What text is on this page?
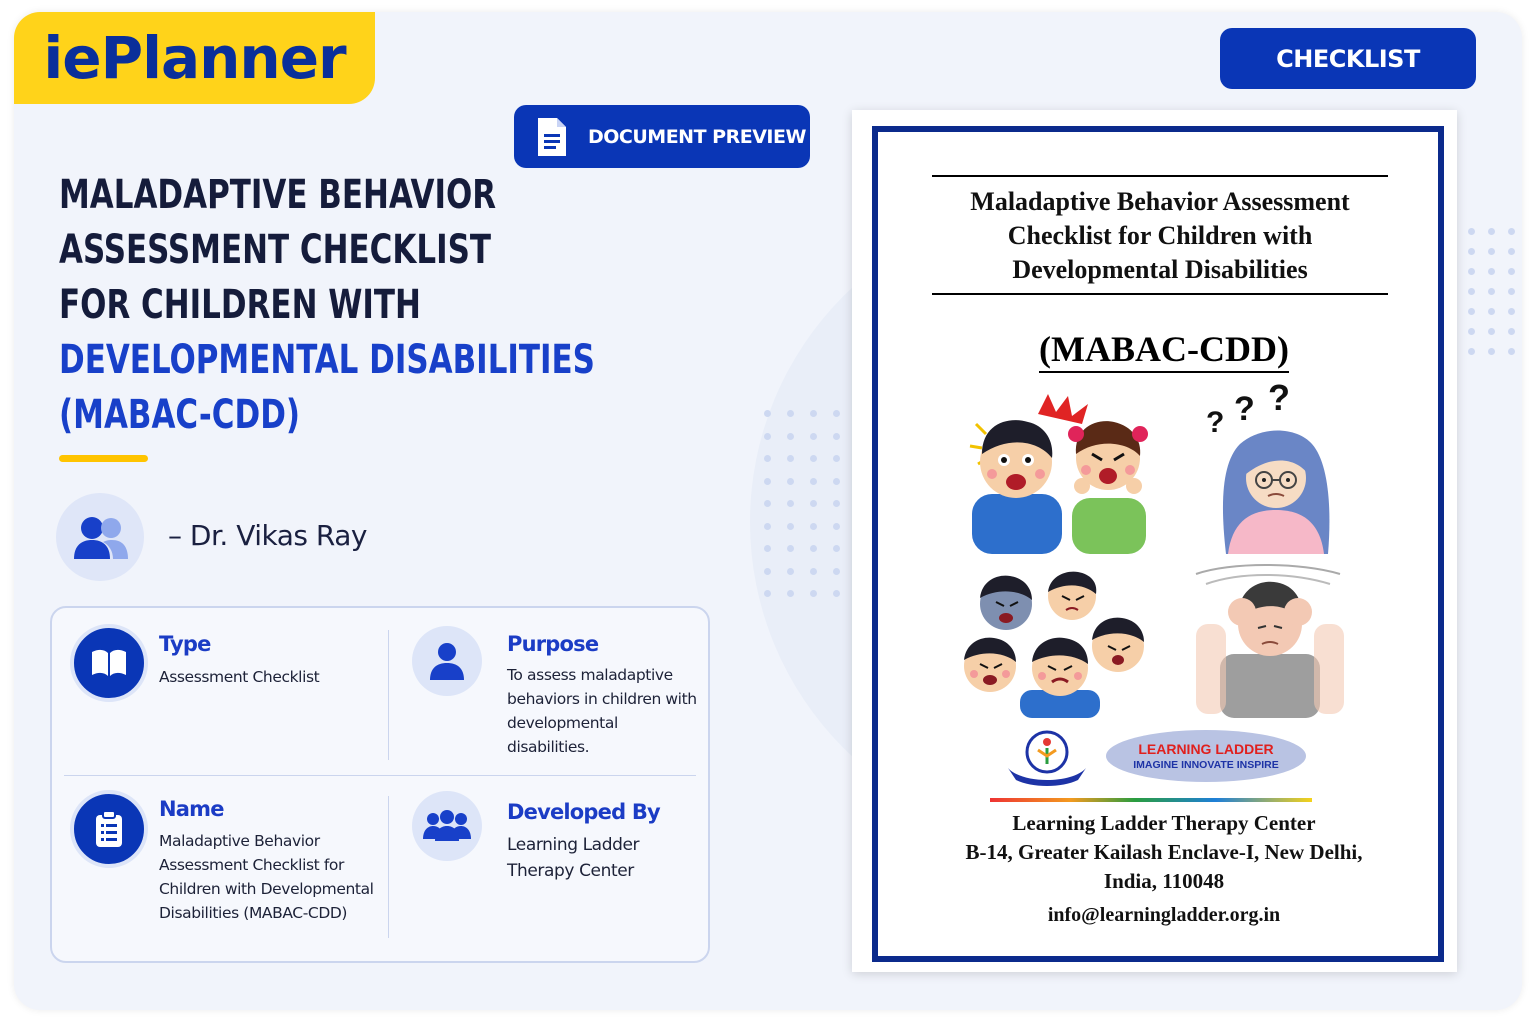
iePlanner	CHECKLIST
DOCUMENT PREVIEW
MALADAPTIVE BEHAVIOR
ASSESSMENT CHECKLIST
FOR CHILDREN WITH
DEVELOPMENTAL DISABILITIES
(MABAC-CDD)
– Dr. Vikas Ray
Type
Assessment Checklist
Purpose
To assess maladaptive
behaviors in children with
developmental
disabilities.
Name
Maladaptive Behavior
Assessment Checklist for
Children with Developmental
Disabilities (MABAC-CDD)
Developed By
Learning Ladder
Therapy Center
Maladaptive Behavior Assessment
Checklist for Children with
Developmental Disabilities
(MABAC-CDD)
? ? ?
LEARNING LADDER
IMAGINE INNOVATE INSPIRE
Learning Ladder Therapy Center
B-14, Greater Kailash Enclave-I, New Delhi,
India, 110048
info@learningladder.org.in
